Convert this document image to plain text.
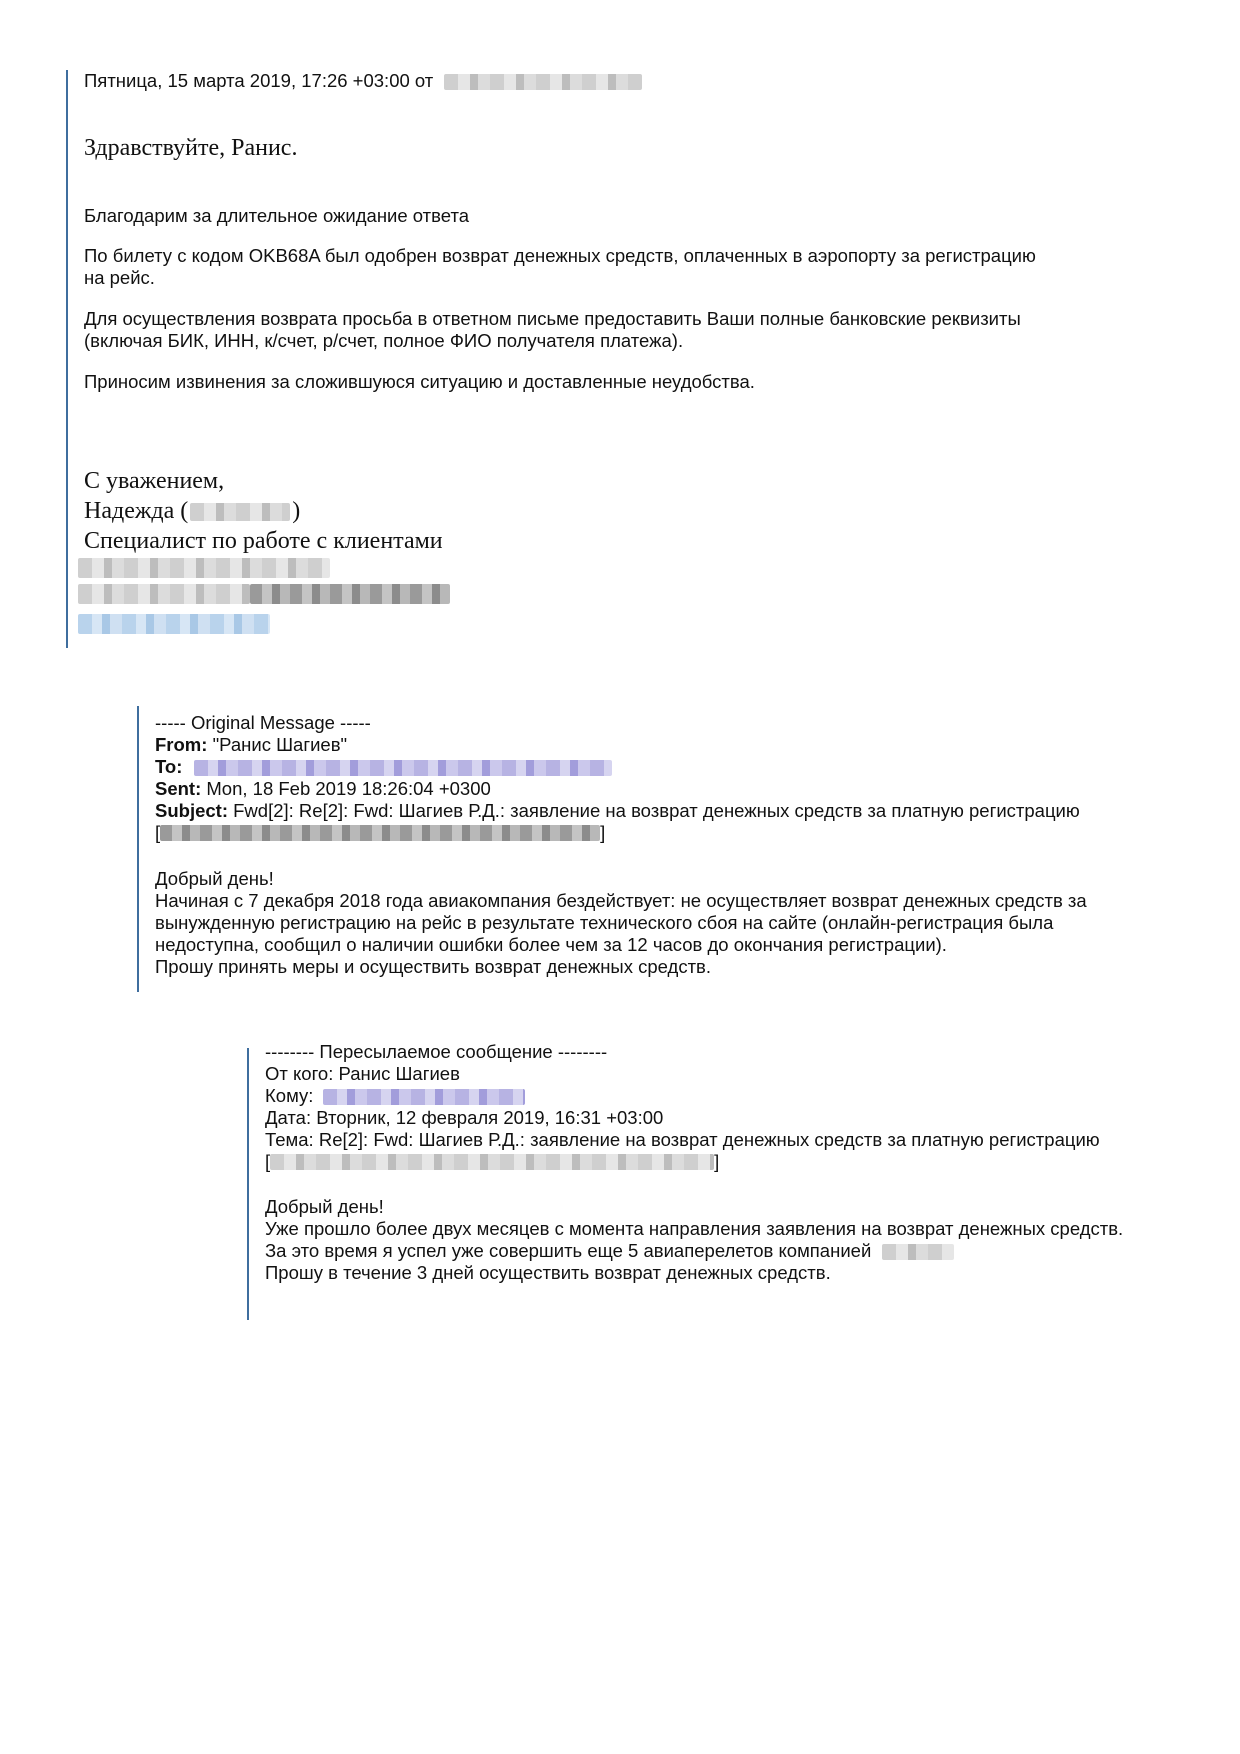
Пятница, 15 марта 2019, 17:26 +03:00 от
Здравствуйте, Ранис.
Благодарим за длительное ожидание ответа
По билету с кодом OKB68A был одобрен возврат денежных средств, оплаченных в аэропорту за регистрацию
на рейс.
Для осуществления возврата просьба в ответном письме предоставить Ваши полные банковские реквизиты
(включая БИК, ИНН, к/счет, р/счет, полное ФИО получателя платежа).
Приносим извинения за сложившуюся ситуацию и доставленные неудобства.
С уважением,
Надежда (	)
Специалист по работе с клиентами
----- Original Message -----
From: "Ранис Шагиев"
To:
Sent: Mon, 18 Feb 2019 18:26:04 +0300
Subject: Fwd[2]: Re[2]: Fwd: Шагиев Р.Д.: заявление на возврат денежных средств за платную регистрацию
[	]
Добрый день!
Начиная с 7 декабря 2018 года авиакомпания бездействует: не осуществляет возврат денежных средств за
вынужденную регистрацию на рейс в результате технического сбоя на сайте (онлайн-регистрация была
недоступна, сообщил о наличии ошибки более чем за 12 часов до окончания регистрации).
Прошу принять меры и осуществить возврат денежных средств.
-------- Пересылаемое сообщение --------
От кого: Ранис Шагиев
Кому:
Дата: Вторник, 12 февраля 2019, 16:31 +03:00
Тема: Re[2]: Fwd: Шагиев Р.Д.: заявление на возврат денежных средств за платную регистрацию
[	]
Добрый день!
Уже прошло более двух месяцев с момента направления заявления на возврат денежных средств.
За это время я успел уже совершить еще 5 авиаперелетов компанией
Прошу в течение 3 дней осуществить возврат денежных средств.
